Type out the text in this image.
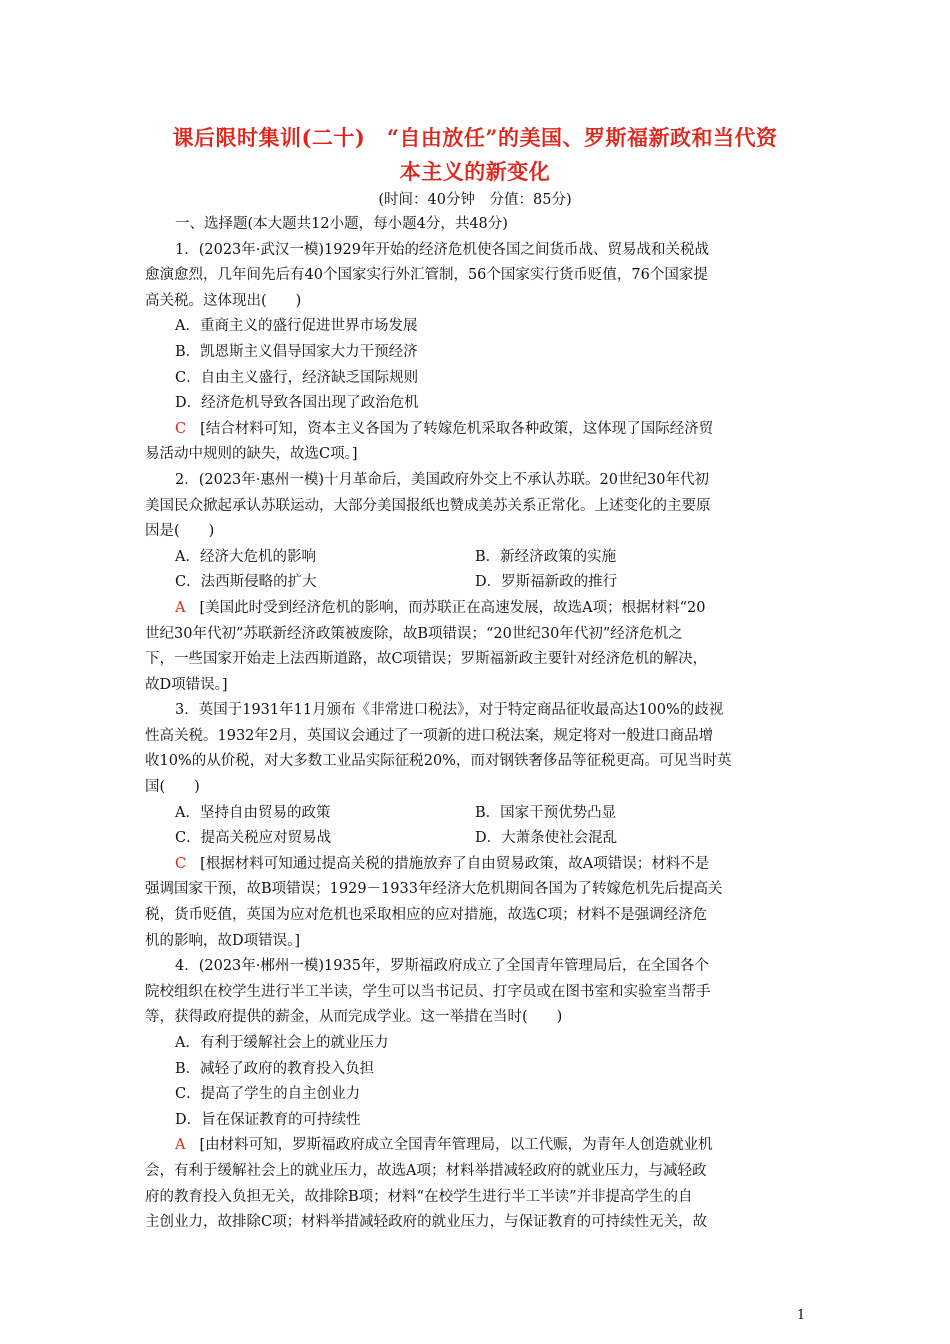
课后限时集训(二十)　“自由放任”的美国、罗斯福新政和当代资
本主义的新变化
(时间：40分钟　分值：85分)
一、选择题(本大题共12小题，每小题4分，共48分)
1．(2023年·武汉一模)1929年开始的经济危机使各国之间货币战、贸易战和关税战
愈演愈烈，几年间先后有40个国家实行外汇管制，56个国家实行货币贬值，76个国家提
高关税。这体现出(　　)
A．重商主义的盛行促进世界市场发展
B．凯恩斯主义倡导国家大力干预经济
C．自由主义盛行，经济缺乏国际规则
D．经济危机导致各国出现了政治危机
C [结合材料可知，资本主义各国为了转嫁危机采取各种政策，这体现了国际经济贸
易活动中规则的缺失，故选C项。]
2．(2023年·惠州一模)十月革命后，美国政府外交上不承认苏联。20世纪30年代初
美国民众掀起承认苏联运动，大部分美国报纸也赞成美苏关系正常化。上述变化的主要原
因是(　　)
A．经济大危机的影响	B．新经济政策的实施
C．法西斯侵略的扩大	D．罗斯福新政的推行
A [美国此时受到经济危机的影响，而苏联正在高速发展，故选A项；根据材料“20
世纪30年代初”苏联新经济政策被废除，故B项错误；“20世纪30年代初”经济危机之
下，一些国家开始走上法西斯道路，故C项错误；罗斯福新政主要针对经济危机的解决，
故D项错误。]
3．英国于1931年11月颁布《非常进口税法》，对于特定商品征收最高达100%的歧视
性高关税。1932年2月，英国议会通过了一项新的进口税法案，规定将对一般进口商品增
收10%的从价税，对大多数工业品实际征税20%，而对钢铁奢侈品等征税更高。可见当时英
国(　　)
A．坚持自由贸易的政策	B．国家干预优势凸显
C．提高关税应对贸易战	D．大萧条使社会混乱
C [根据材料可知通过提高关税的措施放弃了自由贸易政策，故A项错误；材料不是
强调国家干预，故B项错误；1929－1933年经济大危机期间各国为了转嫁危机先后提高关
税，货币贬值，英国为应对危机也采取相应的应对措施，故选C项；材料不是强调经济危
机的影响，故D项错误。]
4．(2023年·郴州一模)1935年，罗斯福政府成立了全国青年管理局后，在全国各个
院校组织在校学生进行半工半读，学生可以当书记员、打字员或在图书室和实验室当帮手
等，获得政府提供的薪金，从而完成学业。这一举措在当时(　　)
A．有利于缓解社会上的就业压力
B．减轻了政府的教育投入负担
C．提高了学生的自主创业力
D．旨在保证教育的可持续性
A [由材料可知，罗斯福政府成立全国青年管理局，以工代赈，为青年人创造就业机
会，有利于缓解社会上的就业压力，故选A项；材料举措减轻政府的就业压力，与减轻政
府的教育投入负担无关，故排除B项；材料“在校学生进行半工半读”并非提高学生的自
主创业力，故排除C项；材料举措减轻政府的就业压力，与保证教育的可持续性无关，故
1
